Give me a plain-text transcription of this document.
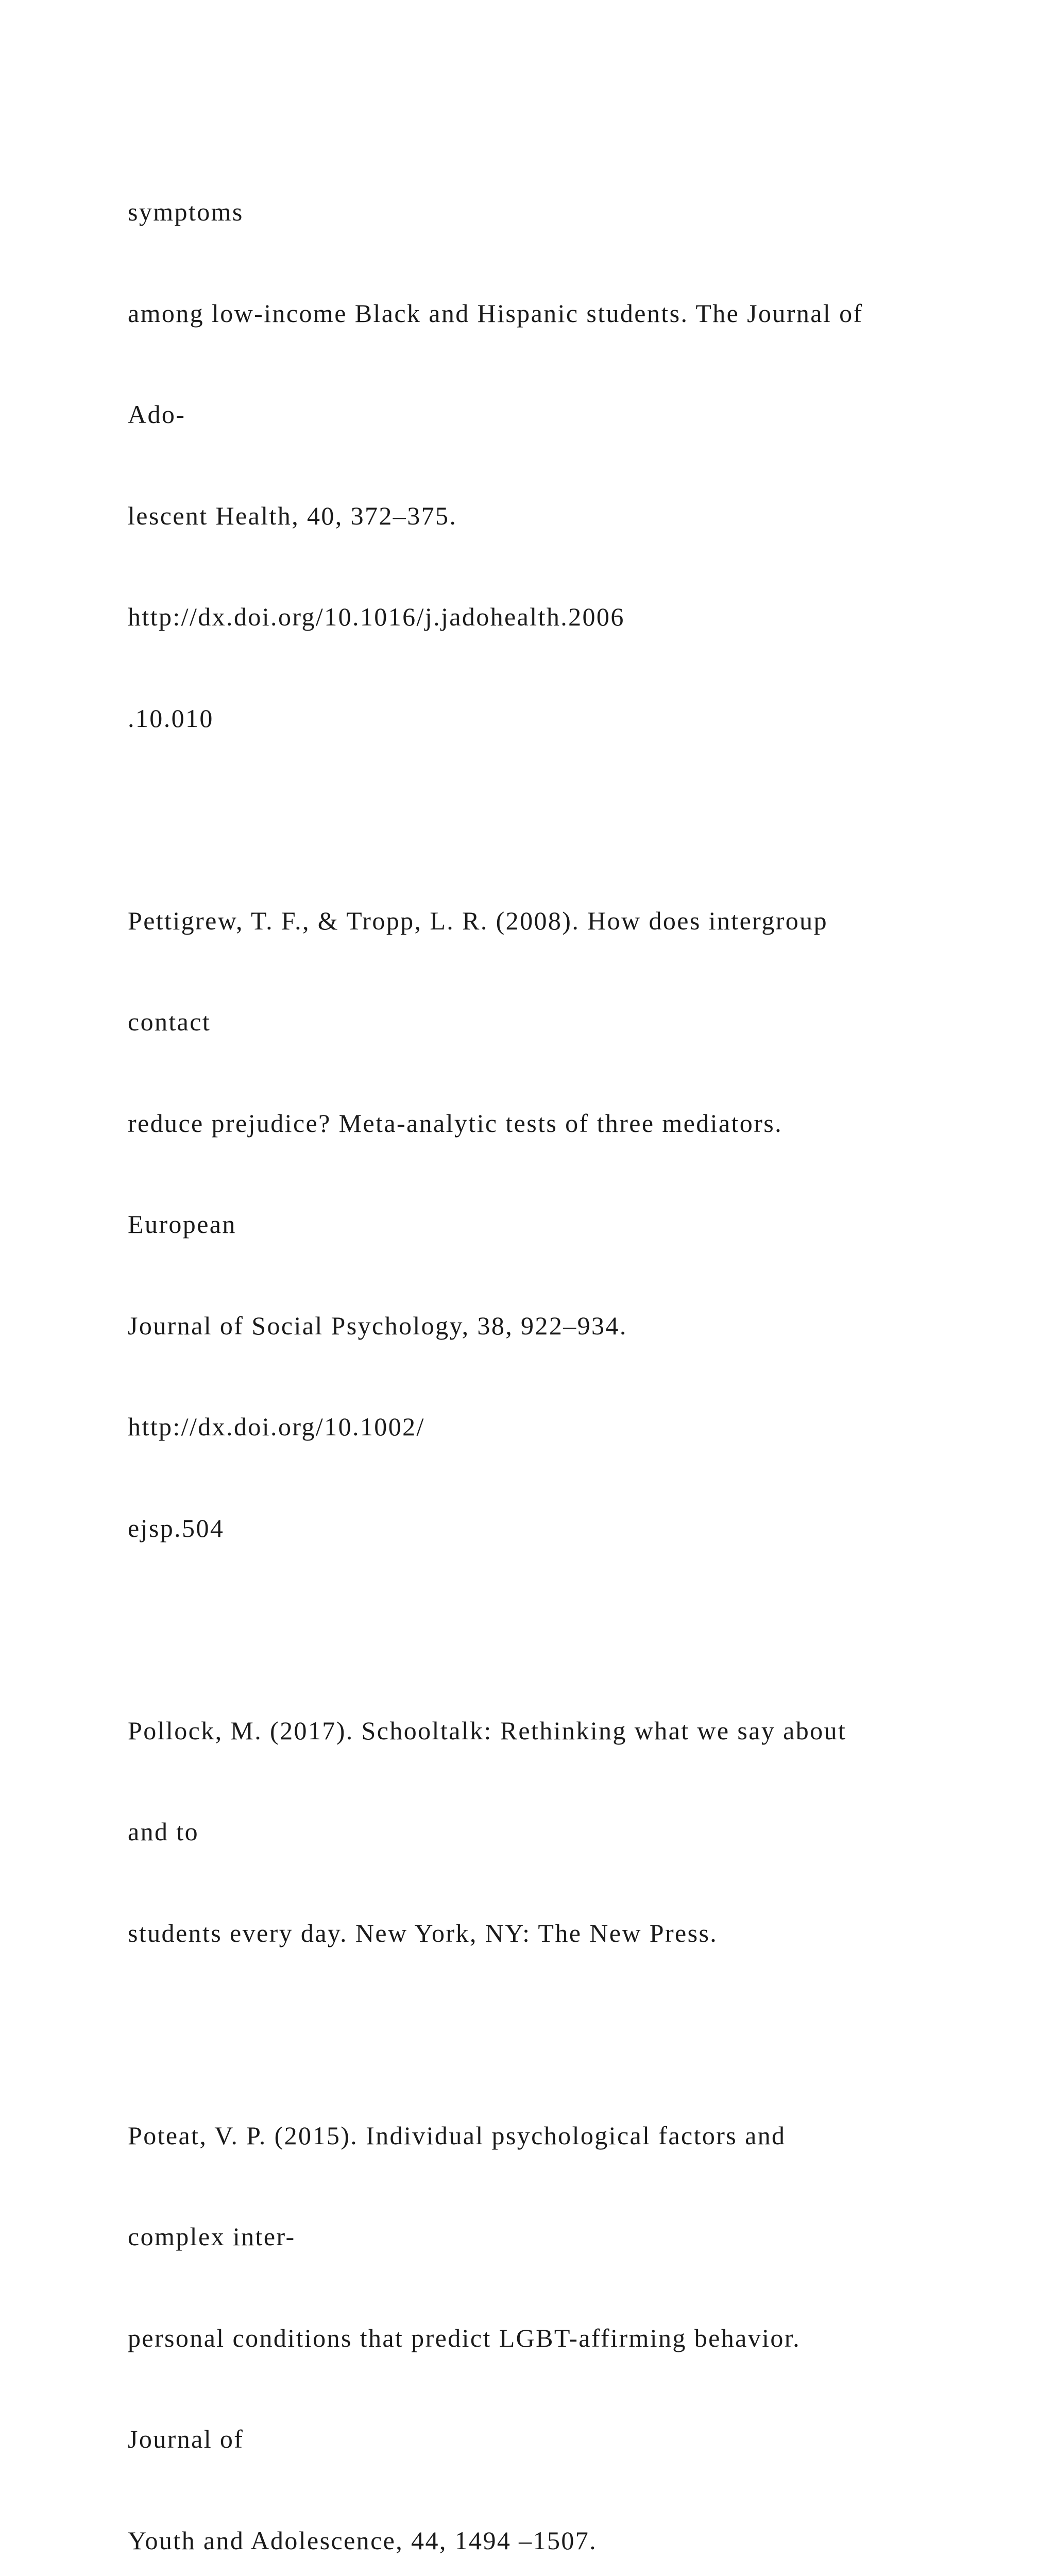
symptoms

among low-income Black and Hispanic students. The Journal of

Ado-

lescent Health, 40, 372–375.

http://dx.doi.org/10.1016/j.jadohealth.2006

.10.010

Pettigrew, T. F., & Tropp, L. R. (2008). How does intergroup

contact

reduce prejudice? Meta-analytic tests of three mediators.

European

Journal of Social Psychology, 38, 922–934.

http://dx.doi.org/10.1002/

ejsp.504

Pollock, M. (2017). Schooltalk: Rethinking what we say about

and to

students every day. New York, NY: The New Press.

Poteat, V. P. (2015). Individual psychological factors and

complex inter-

personal conditions that predict LGBT-affirming behavior.

Journal of

Youth and Adolescence, 44, 1494 –1507.
